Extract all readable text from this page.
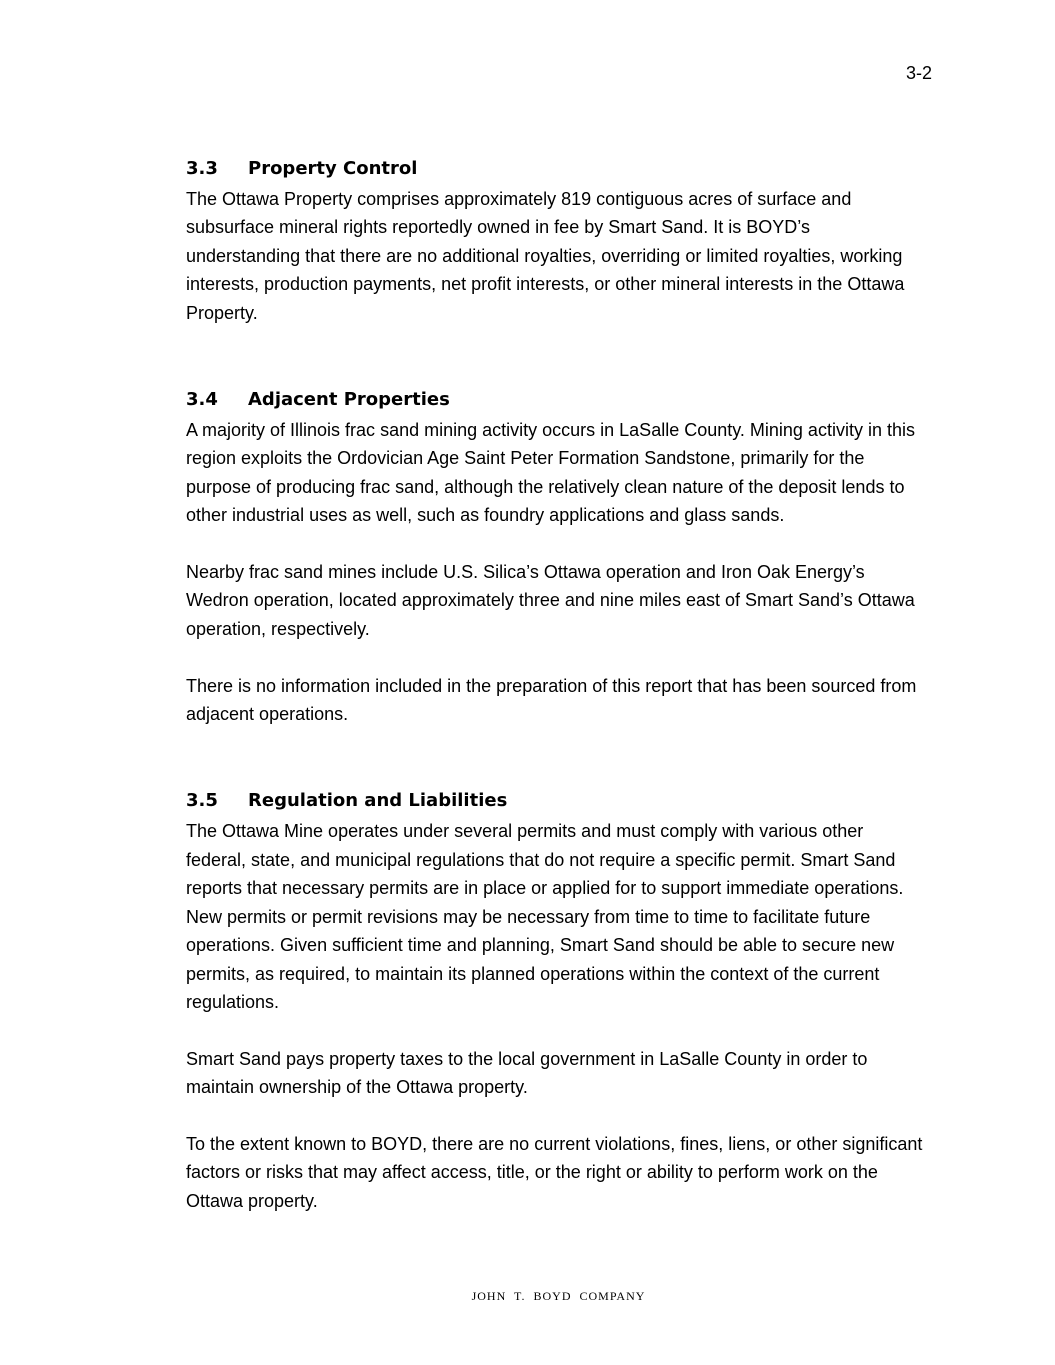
3-2
3.3	Property Control

The Ottawa Property comprises approximately 819 contiguous acres of surface and subsurface mineral rights reportedly owned in fee by Smart Sand. It is BOYD’s understanding that there are no additional royalties, overriding or limited royalties, working interests, production payments, net profit interests, or other mineral interests in the Ottawa Property.

3.4	Adjacent Properties

A majority of Illinois frac sand mining activity occurs in LaSalle County. Mining activity in this region exploits the Ordovician Age Saint Peter Formation Sandstone, primarily for the purpose of producing frac sand, although the relatively clean nature of the deposit lends to other industrial uses as well, such as foundry applications and glass sands.

Nearby frac sand mines include U.S. Silica’s Ottawa operation and Iron Oak Energy’s Wedron operation, located approximately three and nine miles east of Smart Sand’s Ottawa operation, respectively.

There is no information included in the preparation of this report that has been sourced from adjacent operations.

3.5	Regulation and Liabilities

The Ottawa Mine operates under several permits and must comply with various other federal, state, and municipal regulations that do not require a specific permit. Smart Sand reports that necessary permits are in place or applied for to support immediate operations. New permits or permit revisions may be necessary from time to time to facilitate future operations. Given sufficient time and planning, Smart Sand should be able to secure new permits, as required, to maintain its planned operations within the context of the current regulations.

Smart Sand pays property taxes to the local government in LaSalle County in order to maintain ownership of the Ottawa property.

To the extent known to BOYD, there are no current violations, fines, liens, or other significant factors or risks that may affect access, title, or the right or ability to perform work on the Ottawa property.

JOHN T. BOYD COMPANY
